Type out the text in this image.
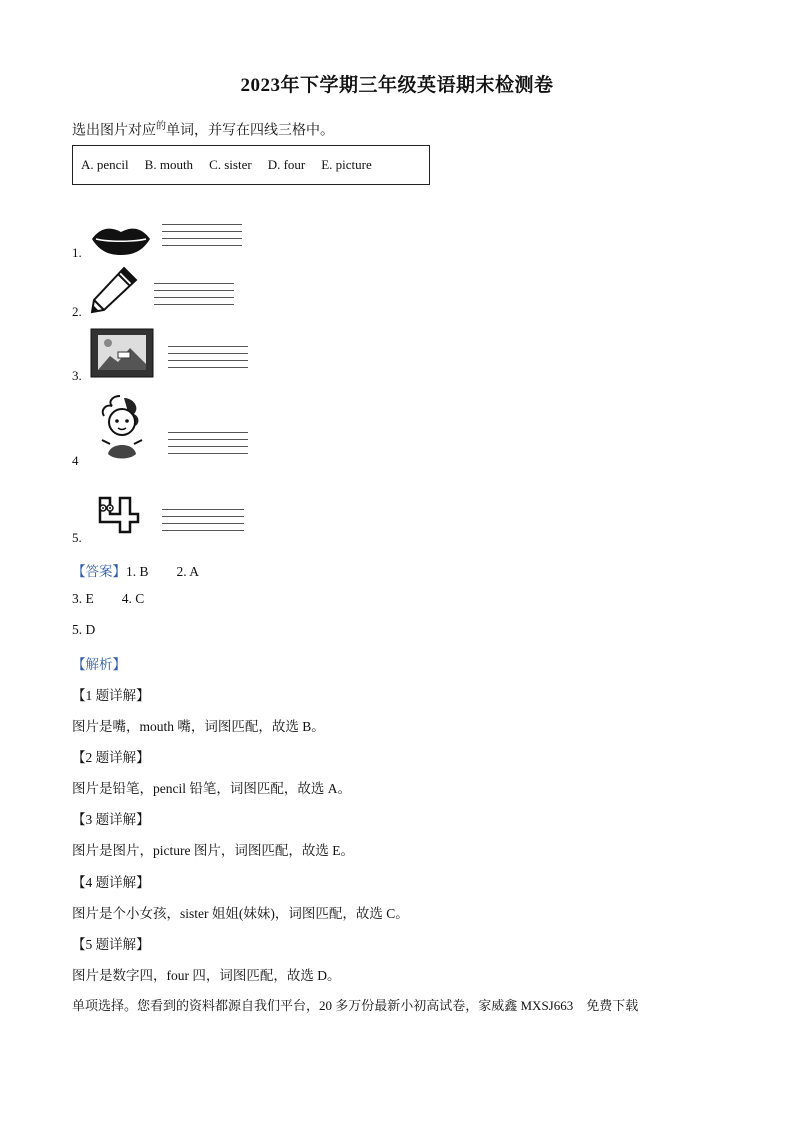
2023年下学期三年级英语期末检测卷
选出图片对应$^的$单词，并写在四线三格中。
A. pencil B. mouth C. sister D. four E. picture
1.
2.
3.
4
5.
【答案】1. B 2. A
3. E 4. C
5. D
【解析】
【1 题详解】
图片是嘴，mouth 嘴，词图匹配，故选 B。
【2 题详解】
图片是铅笔，pencil 铅笔，词图匹配，故选 A。
【3 题详解】
图片是图片，picture 图片，词图匹配，故选 E。
【4 题详解】
图片是个小女孩，sister 姐姐(妹妹)，词图匹配，故选 C。
【5 题详解】
图片是数字四，four 四，词图匹配，故选 D。
单项选择。您看到的资料都源自我们平台，20 多万份最新小初高试卷，家威鑫 MXSJ663　免费下载
